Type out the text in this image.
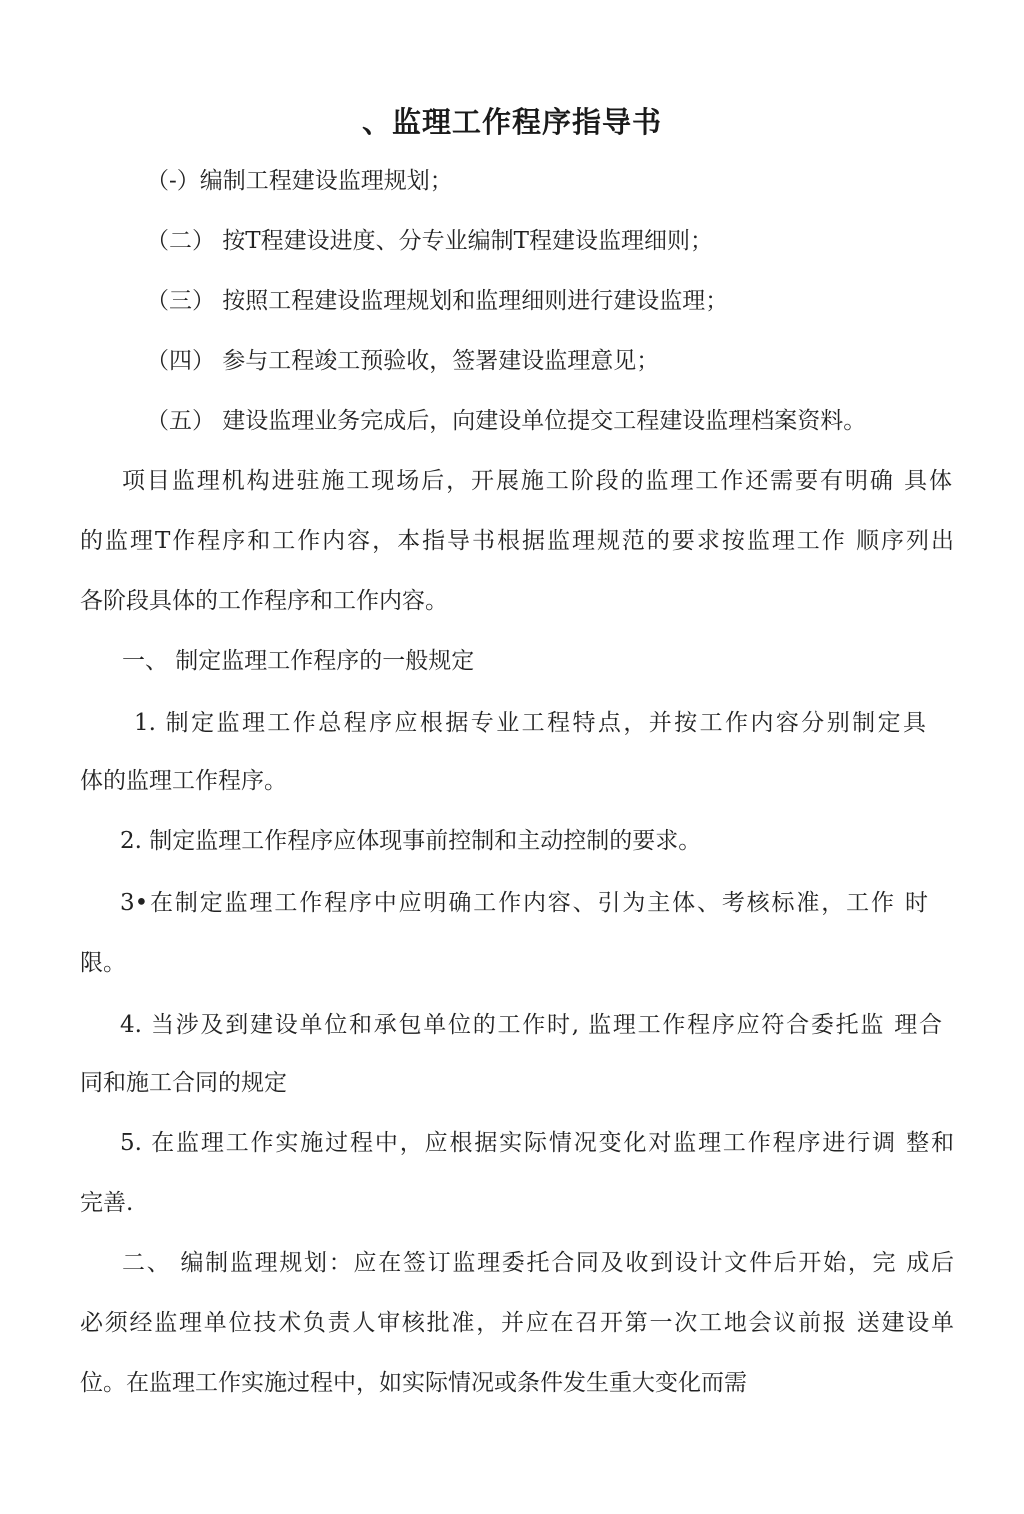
、监理工作程序指导书
（-）编制工程建设监理规划；
（二） 按T程建设进度、分专业编制T程建设监理细则；
（三） 按照工程建设监理规划和监理细则进行建设监理；
（四） 参与工程竣工预验收，签署建设监理意见；
（五） 建设监理业务完成后，向建设单位提交工程建设监理档案资料。
项目监理机构进驻施工现场后，开展施工阶段的监理工作还需要有明确 具体
的监理T作程序和工作内容，本指导书根据监理规范的要求按监理工作 顺序列出
各阶段具体的工作程序和工作内容。
一、 制定监理工作程序的一般规定
1. 制定监理工作总程序应根据专业工程特点，并按工作内容分别制定具
体的监理工作程序。
2. 制定监理工作程序应体现事前控制和主动控制的要求。
3•在制定监理工作程序中应明确工作内容、引为主体、考核标准，工作 时
限。
4. 当涉及到建设单位和承包单位的工作时, 监理工作程序应符合委托监 理合
同和施工合同的规定
5. 在监理工作实施过程中，应根据实际情况变化对监理工作程序进行调 整和
完善.
二、 编制监理规划：应在签订监理委托合同及收到设计文件后开始，完 成后
必须经监理单位技术负责人审核批准，并应在召开第一次工地会议前报 送建设单
位。在监理工作实施过程中，如实际情况或条件发生重大变化而需
